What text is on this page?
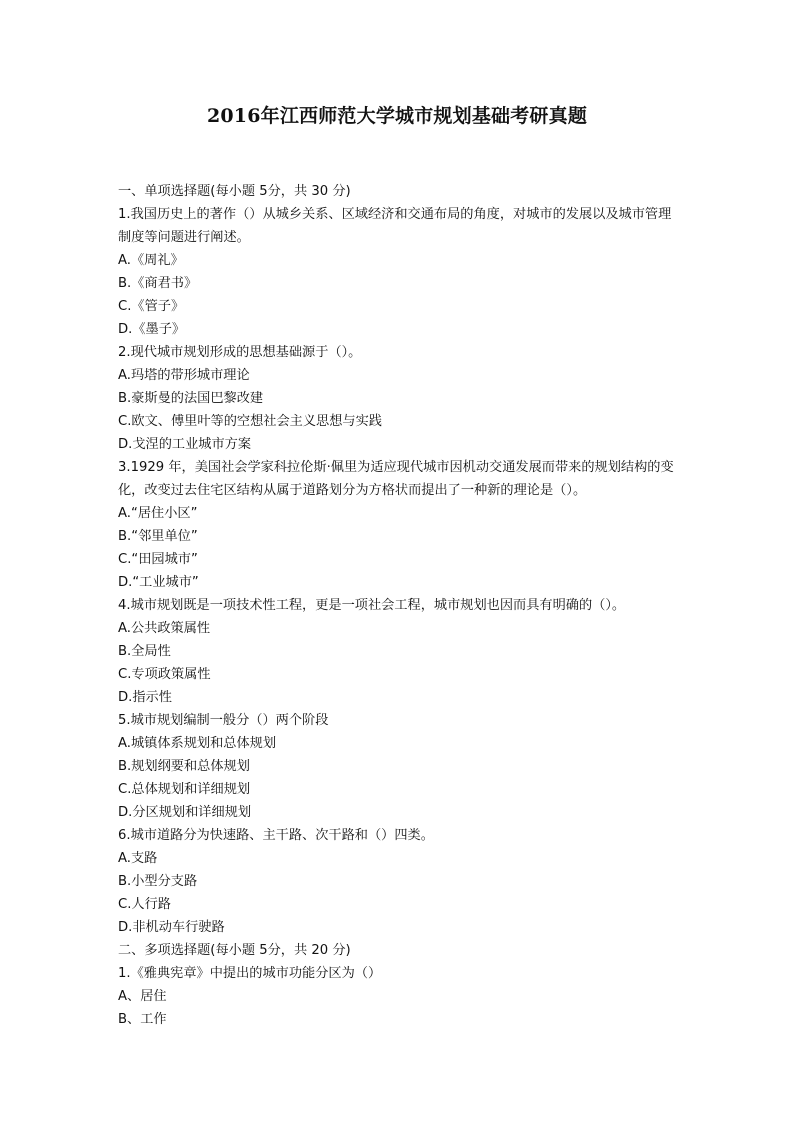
2016年江西师范大学城市规划基础考研真题
一、单项选择题(每小题 5分，共 30 分)
1.我国历史上的著作（）从城乡关系、区域经济和交通布局的角度，对城市的发展以及城市管理制度等问题进行阐述。
A.《周礼》
B.《商君书》
C.《管子》
D.《墨子》
2.现代城市规划形成的思想基础源于（）。
A.玛塔的带形城市理论
B.豪斯曼的法国巴黎改建
C.欧文、傅里叶等的空想社会主义思想与实践
D.戈涅的工业城市方案
3.1929 年，美国社会学家科拉伦斯·佩里为适应现代城市因机动交通发展而带来的规划结构的变化，改变过去住宅区结构从属于道路划分为方格状而提出了一种新的理论是（）。
A.“居住小区”
B.“邻里单位”
C.“田园城市”
D.“工业城市”
4.城市规划既是一项技术性工程，更是一项社会工程，城市规划也因而具有明确的（）。
A.公共政策属性
B.全局性
C.专项政策属性
D.指示性
5.城市规划编制一般分（）两个阶段
A.城镇体系规划和总体规划
B.规划纲要和总体规划
C.总体规划和详细规划
D.分区规划和详细规划
6.城市道路分为快速路、主干路、次干路和（）四类。
A.支路
B.小型分支路
C.人行路
D.非机动车行驶路
二、多项选择题(每小题 5分，共 20 分)
1.《雅典宪章》中提出的城市功能分区为（）
A、居住
B、工作
